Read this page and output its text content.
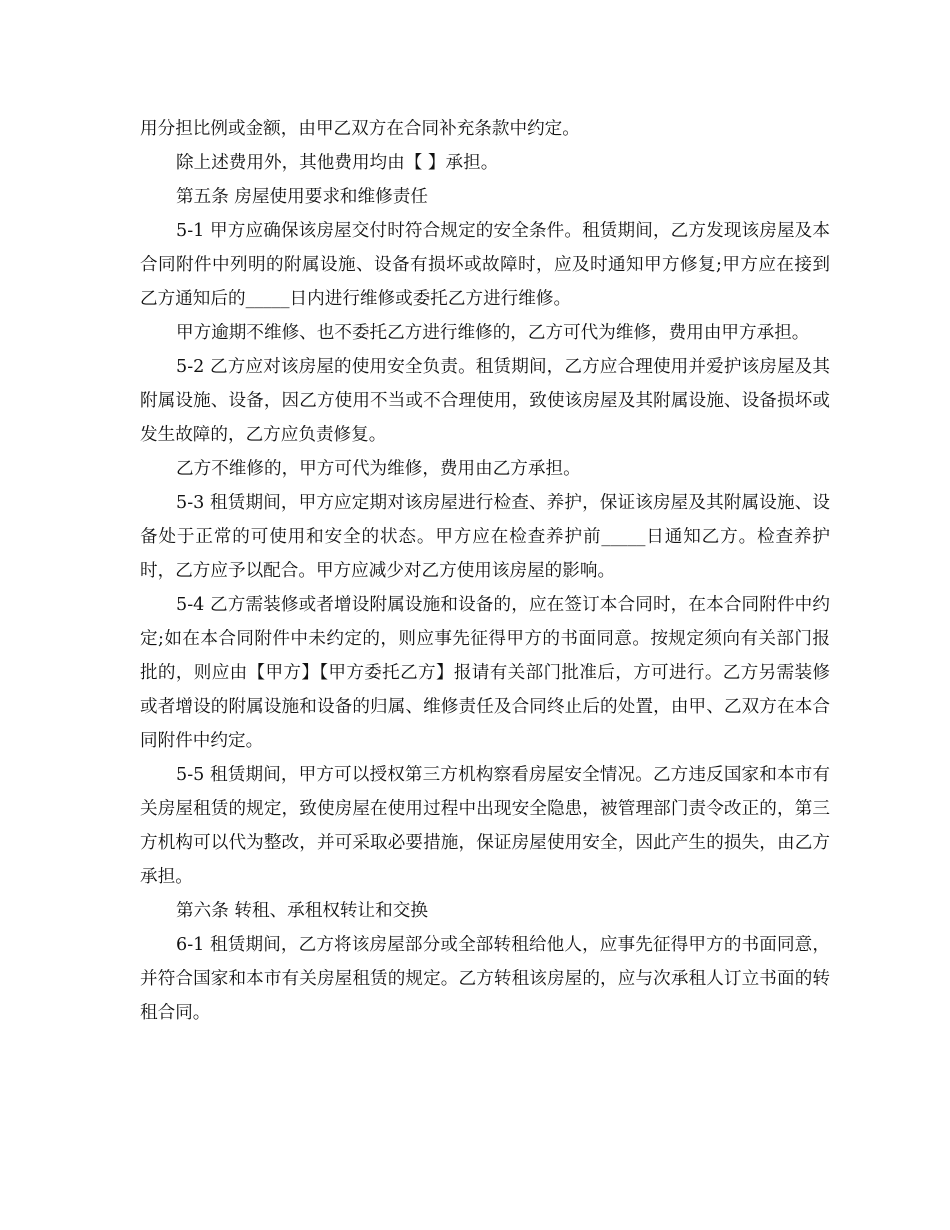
用分担比例或金额，由甲乙双方在合同补充条款中约定。

除上述费用外，其他费用均由【 】承担。

第五条 房屋使用要求和维修责任

5-1 甲方应确保该房屋交付时符合规定的安全条件。租赁期间，乙方发现该房屋及本合同附件中列明的附属设施、设备有损坏或故障时，应及时通知甲方修复;甲方应在接到乙方通知后的_____日内进行维修或委托乙方进行维修。

甲方逾期不维修、也不委托乙方进行维修的，乙方可代为维修，费用由甲方承担。

5-2 乙方应对该房屋的使用安全负责。租赁期间，乙方应合理使用并爱护该房屋及其附属设施、设备，因乙方使用不当或不合理使用，致使该房屋及其附属设施、设备损坏或发生故障的，乙方应负责修复。

乙方不维修的，甲方可代为维修，费用由乙方承担。

5-3 租赁期间，甲方应定期对该房屋进行检查、养护，保证该房屋及其附属设施、设备处于正常的可使用和安全的状态。甲方应在检查养护前_____日通知乙方。检查养护时，乙方应予以配合。甲方应减少对乙方使用该房屋的影响。

5-4 乙方需装修或者增设附属设施和设备的，应在签订本合同时，在本合同附件中约定;如在本合同附件中未约定的，则应事先征得甲方的书面同意。按规定须向有关部门报批的，则应由【甲方】【甲方委托乙方】报请有关部门批准后，方可进行。乙方另需装修或者增设的附属设施和设备的归属、维修责任及合同终止后的处置，由甲、乙双方在本合同附件中约定。

5-5 租赁期间，甲方可以授权第三方机构察看房屋安全情况。乙方违反国家和本市有关房屋租赁的规定，致使房屋在使用过程中出现安全隐患，被管理部门责令改正的，第三方机构可以代为整改，并可采取必要措施，保证房屋使用安全，因此产生的损失，由乙方承担。

第六条 转租、承租权转让和交换

6-1 租赁期间，乙方将该房屋部分或全部转租给他人，应事先征得甲方的书面同意，并符合国家和本市有关房屋租赁的规定。乙方转租该房屋的，应与次承租人订立书面的转租合同。
